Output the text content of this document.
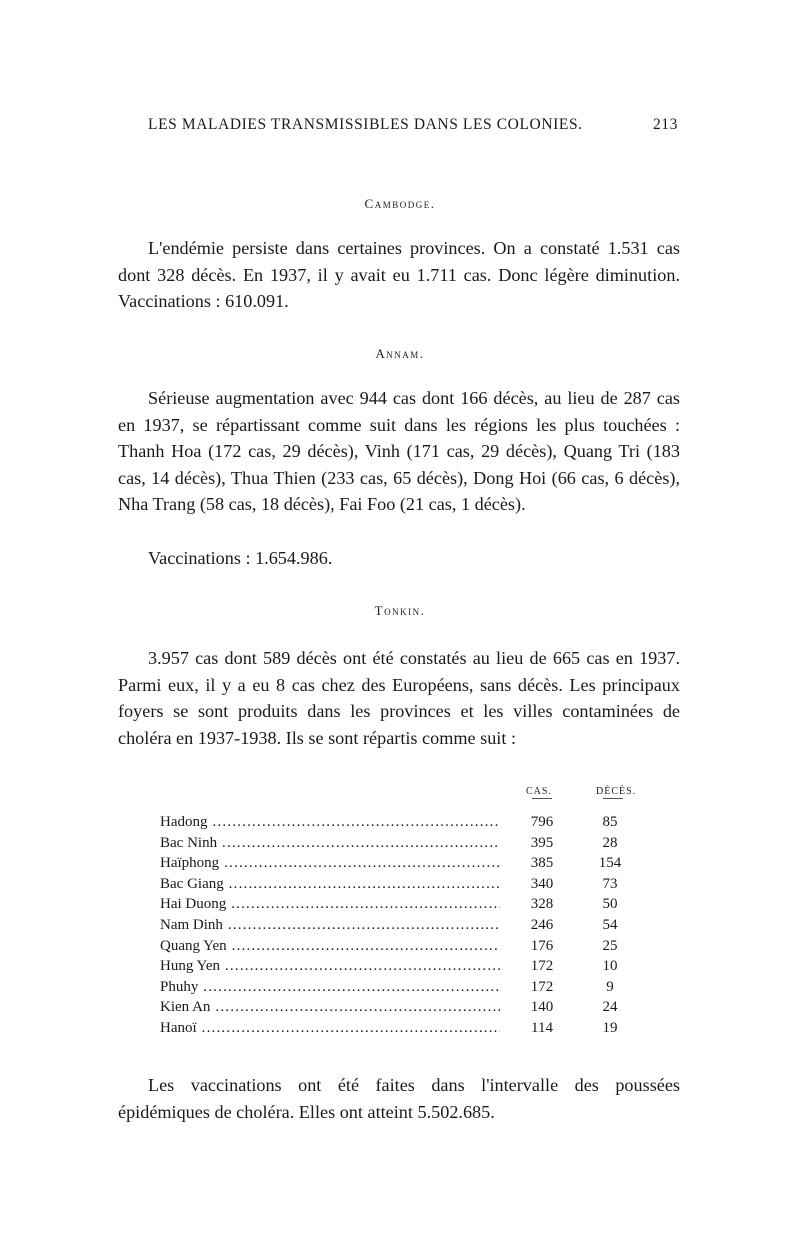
LES MALADIES TRANSMISSIBLES DANS LES COLONIES.	213
Cambodge.

L'endémie persiste dans certaines provinces. On a constaté 1.531 cas dont 328 décès. En 1937, il y avait eu 1.711 cas. Donc légère diminution. Vaccinations : 610.091.

Annam.

Sérieuse augmentation avec 944 cas dont 166 décès, au lieu de 287 cas en 1937, se répartissant comme suit dans les régions les plus touchées : Thanh Hoa (172 cas, 29 décès), Vinh (171 cas, 29 décès), Quang Tri (183 cas, 14 décès), Thua Thien (233 cas, 65 décès), Dong Hoi (66 cas, 6 décès), Nha Trang (58 cas, 18 décès), Fai Foo (21 cas, 1 décès).

Vaccinations : 1.654.986.

Tonkin.

3.957 cas dont 589 décès ont été constatés au lieu de 665 cas en 1937. Parmi eux, il y a eu 8 cas chez des Européens, sans décès. Les principaux foyers se sont produits dans les provinces et les villes contaminées de choléra en 1937-1938. Ils se sont répartis comme suit :

CAS.	DÉCÈS.
Hadong .....	796	85
Bac Ninh .....	395	28
Haïphong .....	385	154
Bac Giang .....	340	73
Hai Duong .....	328	50
Nam Dinh .....	246	54
Quang Yen .....	176	25
Hung Yen .....	172	10
Phuhy .....	172	9
Kien An .....	140	24
Hanoï .....	114	19

Les vaccinations ont été faites dans l'intervalle des poussées épidémiques de choléra. Elles ont atteint 5.502.685.
